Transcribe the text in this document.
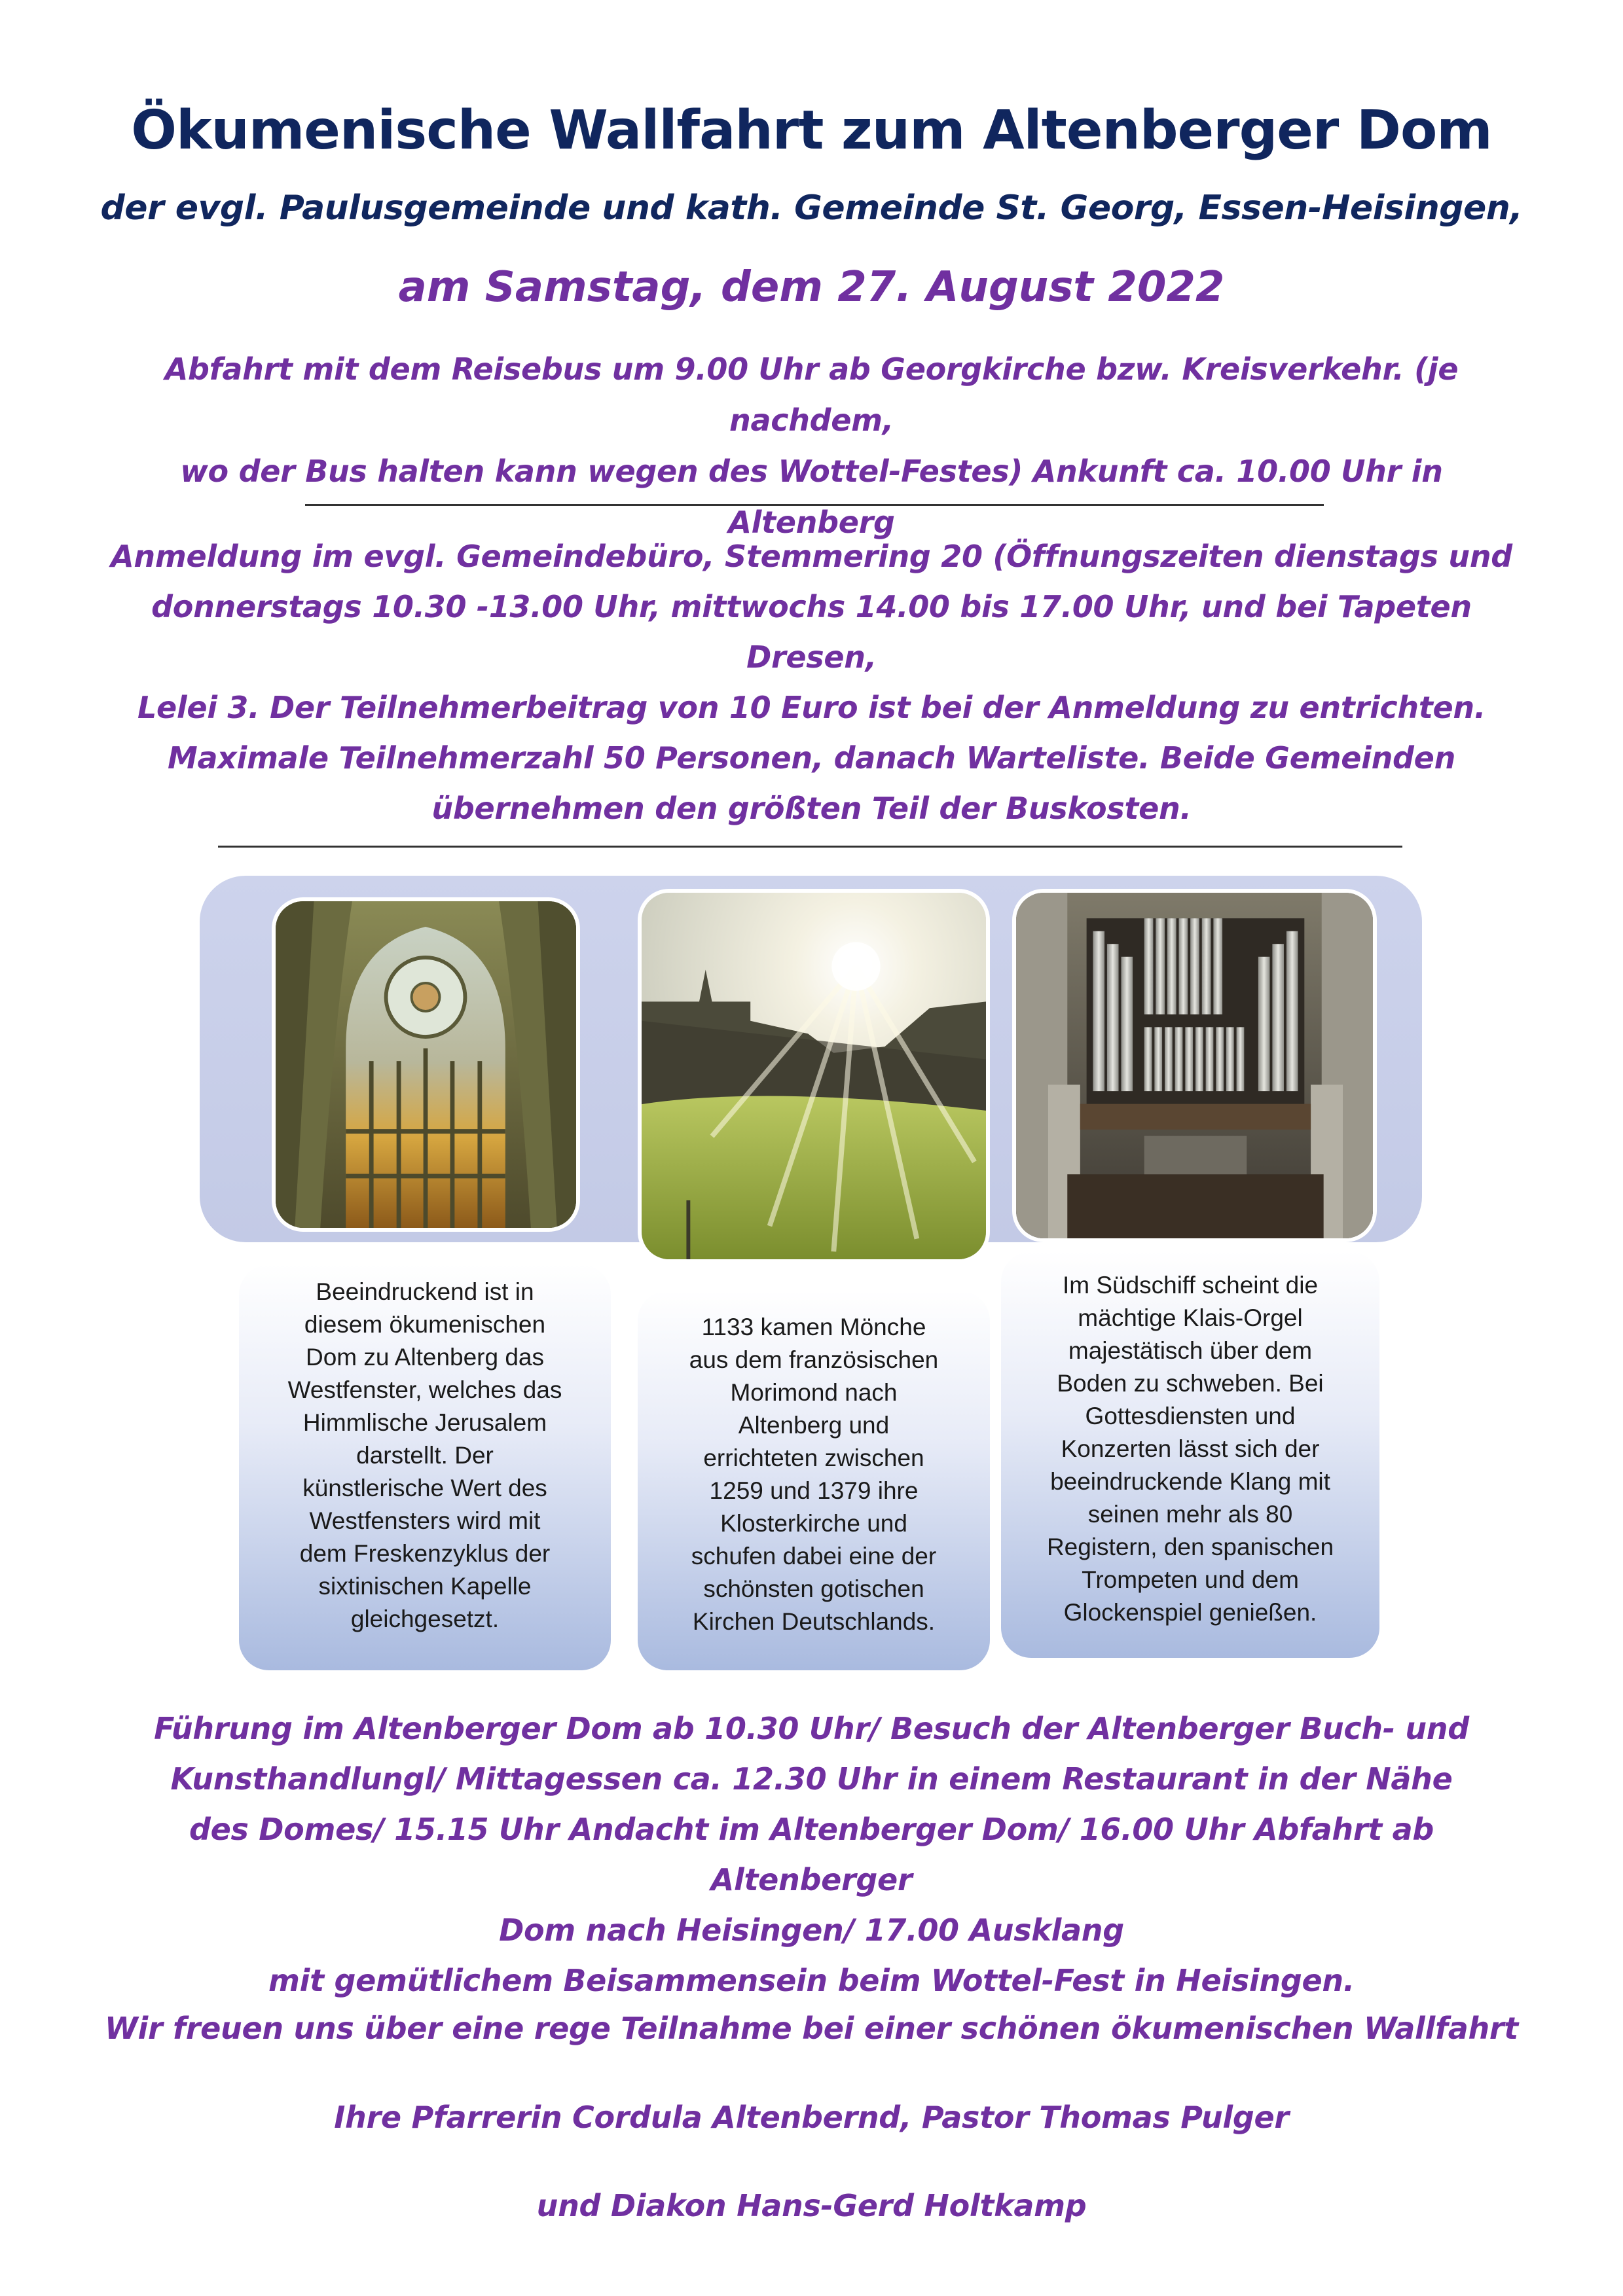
Ökumenische Wallfahrt zum Altenberger Dom
der evgl. Paulusgemeinde und kath. Gemeinde St. Georg, Essen-Heisingen,
am Samstag, dem 27. August 2022
Abfahrt mit dem Reisebus um 9.00 Uhr ab Georgkirche bzw. Kreisverkehr. (je nachdem,
wo der Bus halten kann wegen des Wottel-Festes) Ankunft ca. 10.00 Uhr in Altenberg
Anmeldung im evgl. Gemeindebüro, Stemmering 20 (Öffnungszeiten dienstags und
donnerstags 10.30 -13.00 Uhr, mittwochs 14.00 bis 17.00 Uhr, und bei Tapeten Dresen,
Lelei 3. Der Teilnehmerbeitrag von 10 Euro ist bei der Anmeldung zu entrichten.
Maximale Teilnehmerzahl 50 Personen, danach Warteliste. Beide Gemeinden
übernehmen den größten Teil der Buskosten.
Beeindruckend ist in
diesem ökumenischen
Dom zu Altenberg das
Westfenster, welches das
Himmlische Jerusalem
darstellt. Der
künstlerische Wert des
Westfensters wird mit
dem Freskenzyklus der
sixtinischen Kapelle
gleichgesetzt.
1133 kamen Mönche
aus dem französischen
Morimond nach
Altenberg und
errichteten zwischen
1259 und 1379 ihre
Klosterkirche und
schufen dabei eine der
schönsten gotischen
Kirchen Deutschlands.
Im Südschiff scheint die
mächtige Klais-Orgel
majestätisch über dem
Boden zu schweben. Bei
Gottesdiensten und
Konzerten lässt sich der
beeindruckende Klang mit
seinen mehr als 80
Registern, den spanischen
Trompeten und dem
Glockenspiel genießen.
Führung im Altenberger Dom ab 10.30 Uhr/ Besuch der Altenberger Buch- und
Kunsthandlungl/ Mittagessen ca. 12.30 Uhr in einem Restaurant in der Nähe
des Domes/ 15.15 Uhr Andacht im Altenberger Dom/ 16.00 Uhr Abfahrt ab Altenberger
Dom nach Heisingen/ 17.00 Ausklang
mit gemütlichem Beisammensein beim Wottel-Fest in Heisingen.
Wir freuen uns über eine rege Teilnahme bei einer schönen ökumenischen Wallfahrt
Ihre Pfarrerin Cordula Altenbernd, Pastor Thomas Pulger
und Diakon Hans-Gerd Holtkamp
